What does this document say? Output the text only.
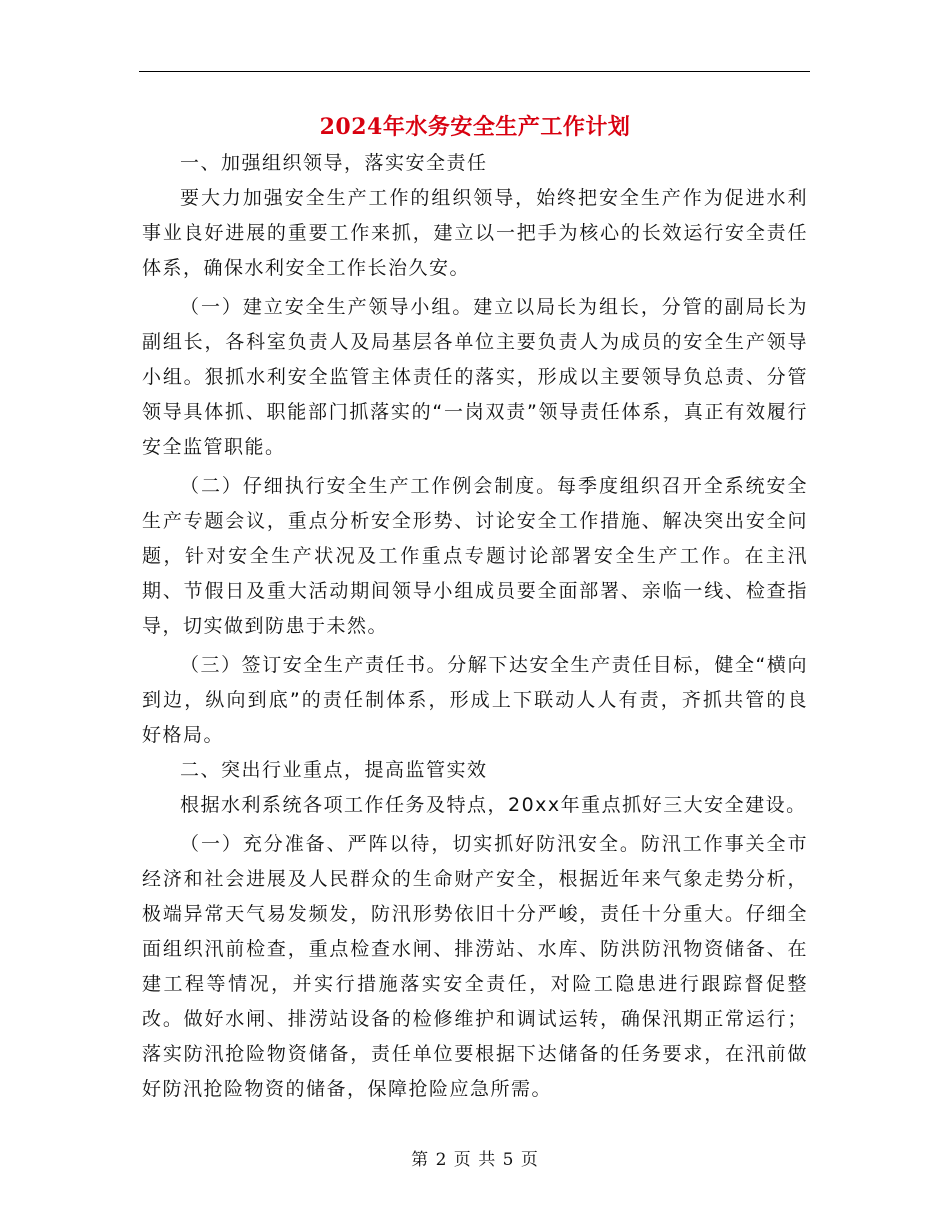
2024年水务安全生产工作计划

一、加强组织领导，落实安全责任

要大力加强安全生产工作的组织领导，始终把安全生产作为促进水利事业良好进展的重要工作来抓，建立以一把手为核心的长效运行安全责任体系，确保水利安全工作长治久安。

（一）建立安全生产领导小组。建立以局长为组长，分管的副局长为副组长，各科室负责人及局基层各单位主要负责人为成员的安全生产领导小组。狠抓水利安全监管主体责任的落实，形成以主要领导负总责、分管领导具体抓、职能部门抓落实的“一岗双责”领导责任体系，真正有效履行安全监管职能。

（二）仔细执行安全生产工作例会制度。每季度组织召开全系统安全生产专题会议，重点分析安全形势、讨论安全工作措施、解决突出安全问题，针对安全生产状况及工作重点专题讨论部署安全生产工作。在主汛期、节假日及重大活动期间领导小组成员要全面部署、亲临一线、检查指导，切实做到防患于未然。

（三）签订安全生产责任书。分解下达安全生产责任目标，健全“横向到边，纵向到底”的责任制体系，形成上下联动人人有责，齐抓共管的良好格局。

二、突出行业重点，提高监管实效

根据水利系统各项工作任务及特点，20xx年重点抓好三大安全建设。

（一）充分准备、严阵以待，切实抓好防汛安全。防汛工作事关全市经济和社会进展及人民群众的生命财产安全，根据近年来气象走势分析，极端异常天气易发频发，防汛形势依旧十分严峻，责任十分重大。仔细全面组织汛前检查，重点检查水闸、排涝站、水库、防洪防汛物资储备、在建工程等情况，并实行措施落实安全责任，对险工隐患进行跟踪督促整改。做好水闸、排涝站设备的检修维护和调试运转，确保汛期正常运行；落实防汛抢险物资储备，责任单位要根据下达储备的任务要求，在汛前做好防汛抢险物资的储备，保障抢险应急所需。

第 2 页 共 5 页
